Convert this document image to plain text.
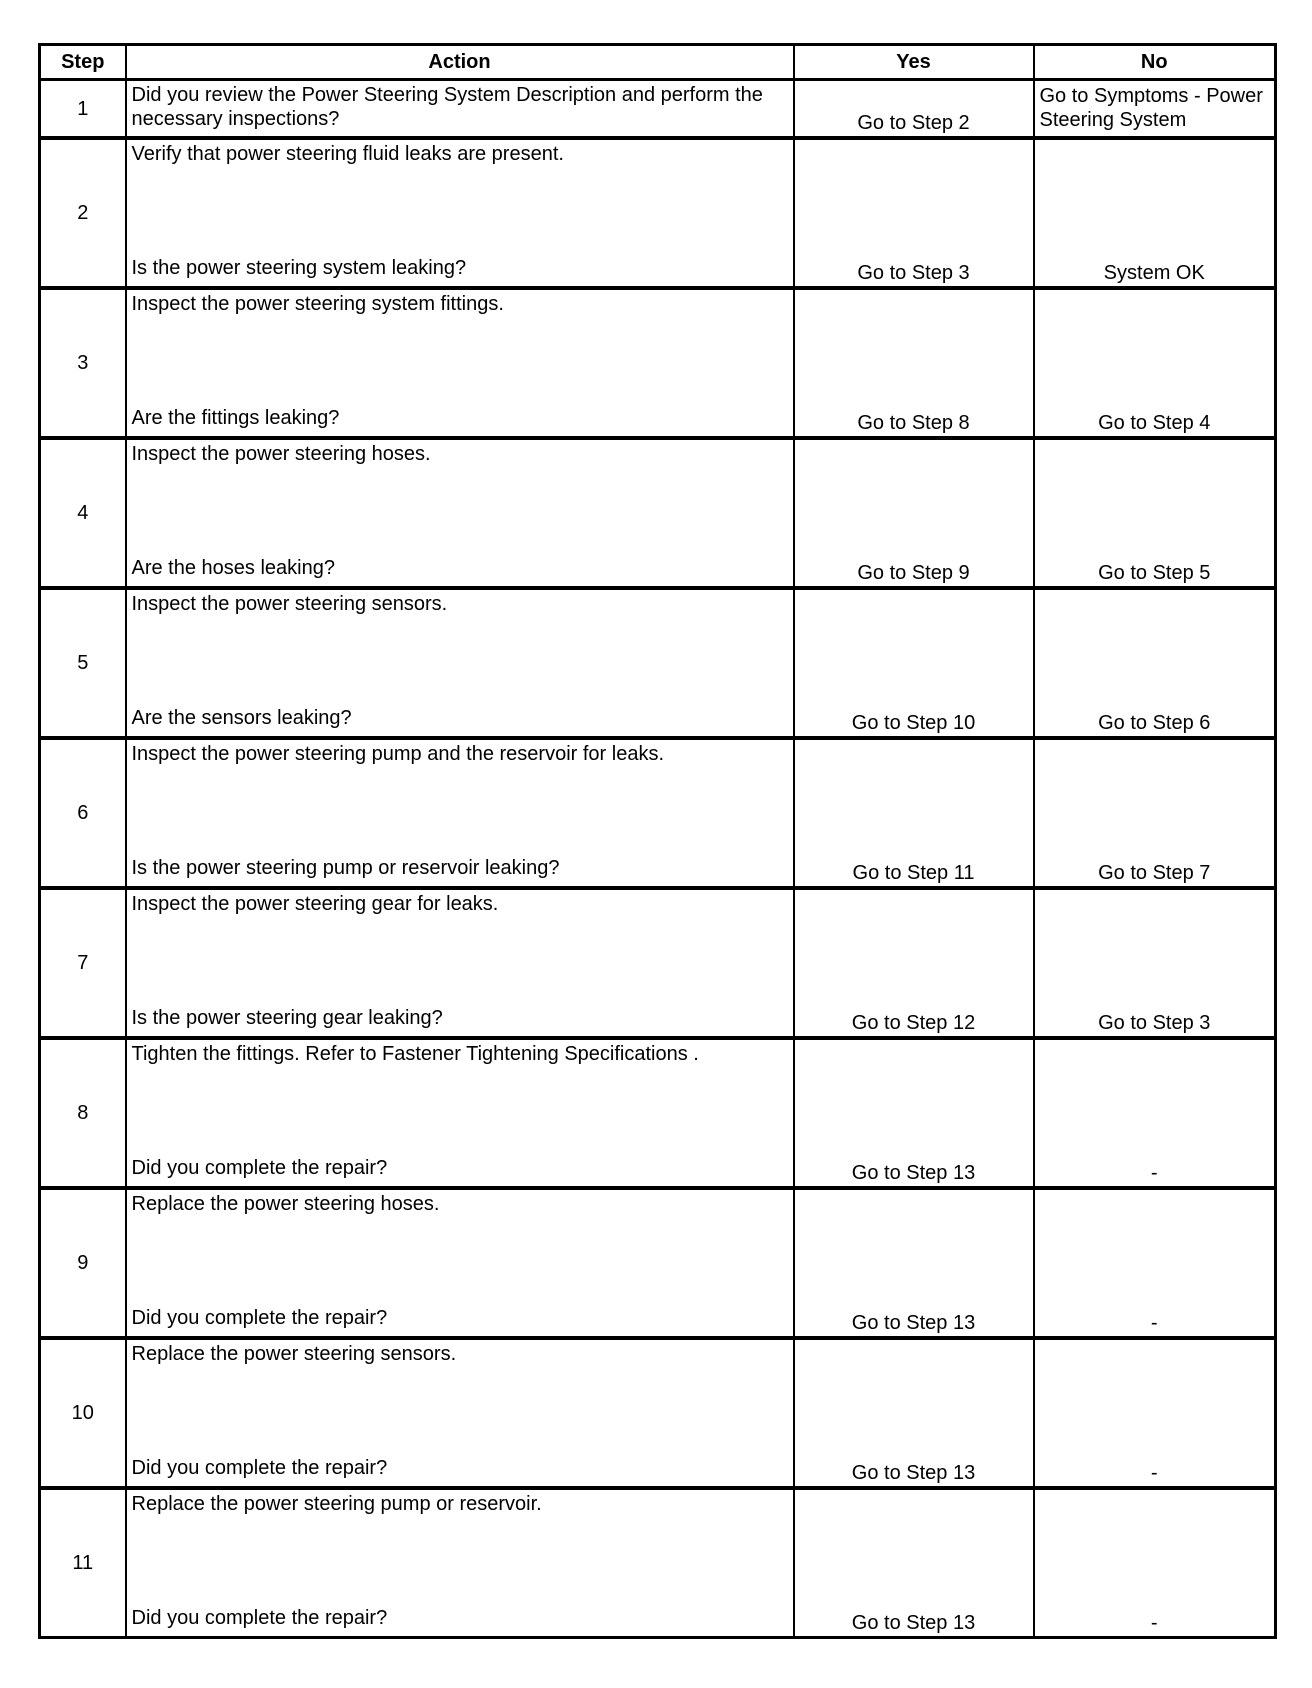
Step	Action	Yes	No
1	Did you review the Power Steering System Description and perform the necessary inspections?	Go to Step 2	Go to Symptoms - Power Steering System
2	Verify that power steering fluid leaks are present.
Is the power steering system leaking?	Go to Step 3	System OK
3	Inspect the power steering system fittings.
Are the fittings leaking?	Go to Step 8	Go to Step 4
4	Inspect the power steering hoses.
Are the hoses leaking?	Go to Step 9	Go to Step 5
5	Inspect the power steering sensors.
Are the sensors leaking?	Go to Step 10	Go to Step 6
6	Inspect the power steering pump and the reservoir for leaks.
Is the power steering pump or reservoir leaking?	Go to Step 11	Go to Step 7
7	Inspect the power steering gear for leaks.
Is the power steering gear leaking?	Go to Step 12	Go to Step 3
8	Tighten the fittings. Refer to Fastener Tightening Specifications .
Did you complete the repair?	Go to Step 13	-
9	Replace the power steering hoses.
Did you complete the repair?	Go to Step 13	-
10	Replace the power steering sensors.
Did you complete the repair?	Go to Step 13	-
11	Replace the power steering pump or reservoir.
Did you complete the repair?	Go to Step 13	-
